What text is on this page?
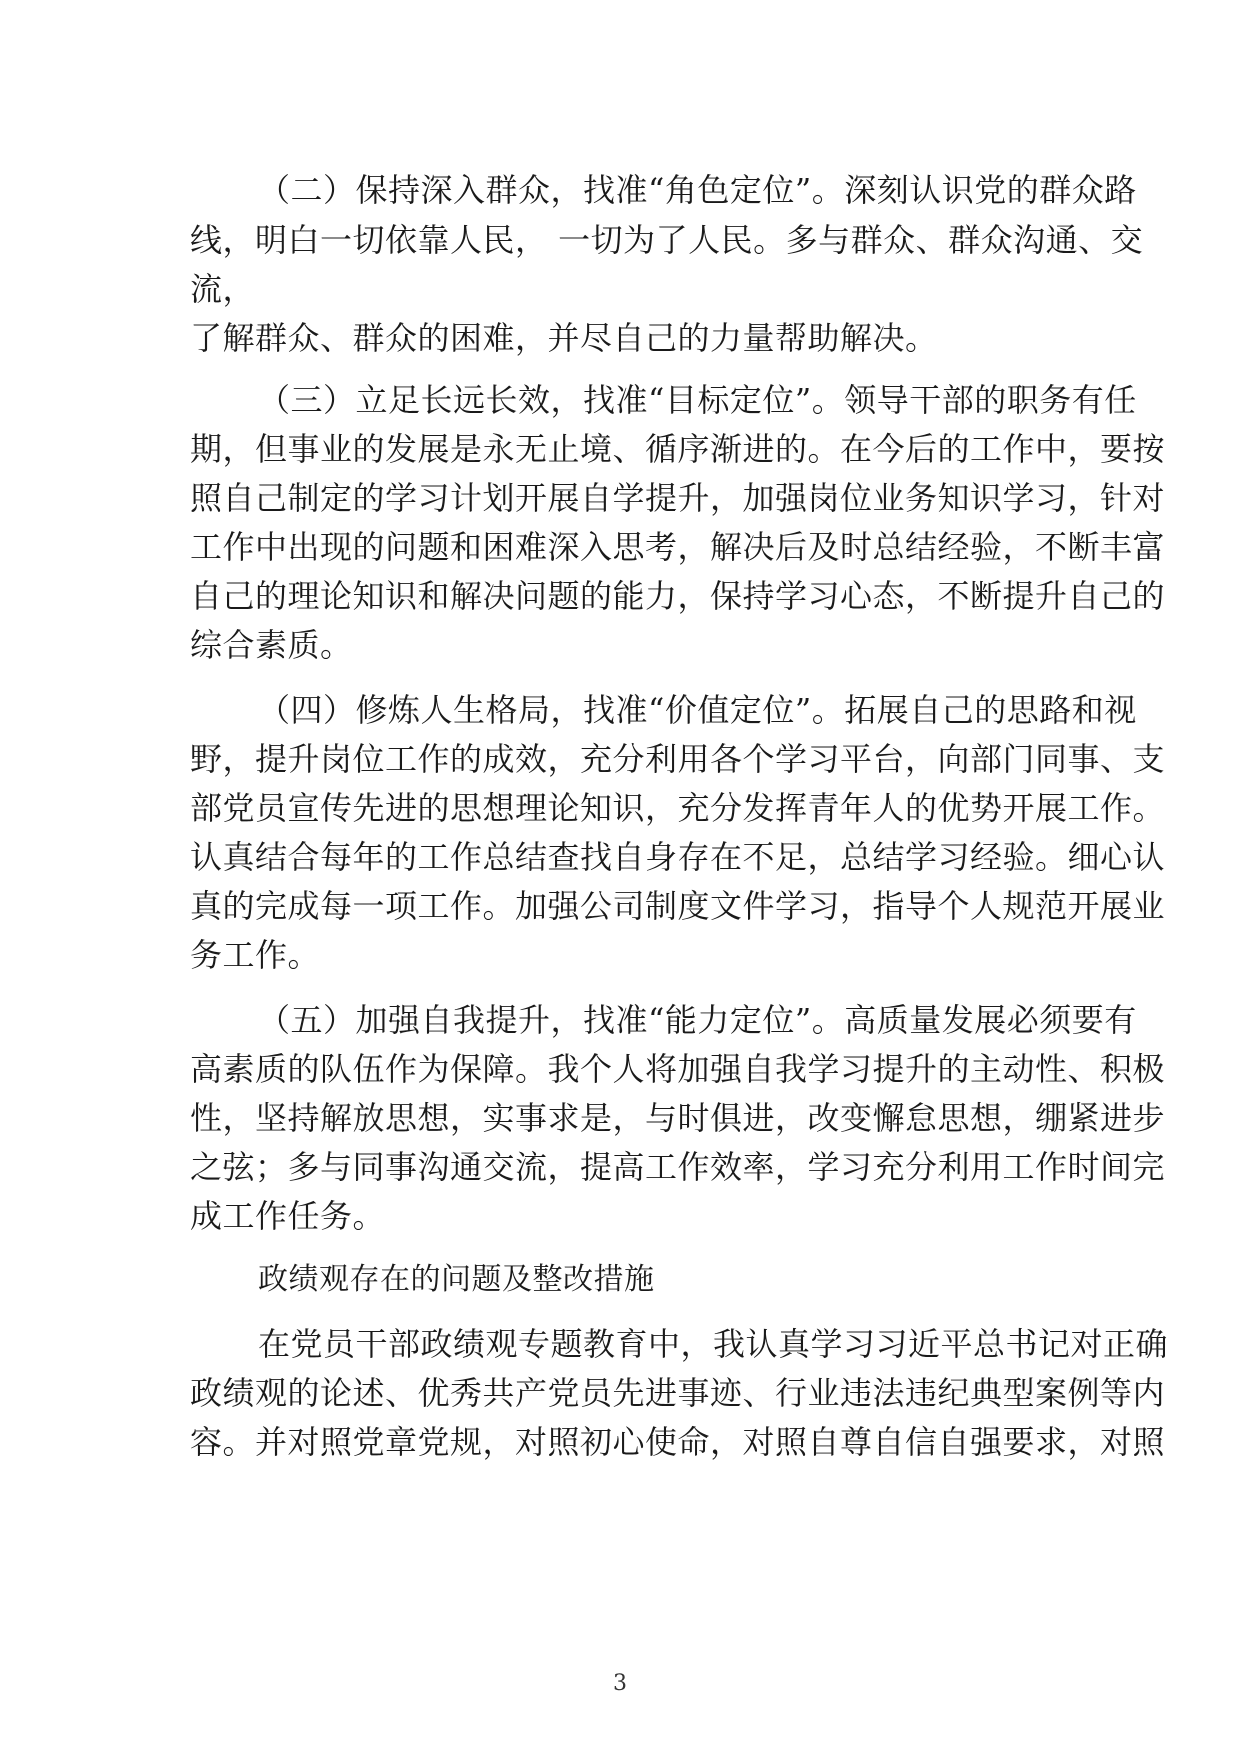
（二）保持深入群众，找准“角色定位”。深刻认识党的群众路
线，明白一切依靠人民， 一切为了人民。多与群众、群众沟通、交
流，
了解群众、群众的困难，并尽自己的力量帮助解决。
（三）立足长远长效，找准“目标定位”。领导干部的职务有任
期，但事业的发展是永无止境、循序渐进的。在今后的工作中，要按
照自己制定的学习计划开展自学提升，加强岗位业务知识学习，针对
工作中出现的问题和困难深入思考，解决后及时总结经验，不断丰富
自己的理论知识和解决问题的能力，保持学习心态，不断提升自己的
综合素质。
（四）修炼人生格局，找准“价值定位”。拓展自己的思路和视
野，提升岗位工作的成效，充分利用各个学习平台，向部门同事、支
部党员宣传先进的思想理论知识，充分发挥青年人的优势开展工作。
认真结合每年的工作总结查找自身存在不足，总结学习经验。细心认
真的完成每一项工作。加强公司制度文件学习，指导个人规范开展业
务工作。
（五）加强自我提升，找准“能力定位”。高质量发展必须要有
高素质的队伍作为保障。我个人将加强自我学习提升的主动性、积极
性，坚持解放思想，实事求是，与时俱进，改变懈怠思想，绷紧进步
之弦；多与同事沟通交流，提高工作效率，学习充分利用工作时间完
成工作任务。
政绩观存在的问题及整改措施
在党员干部政绩观专题教育中，我认真学习习近平总书记对正确
政绩观的论述、优秀共产党员先进事迹、行业违法违纪典型案例等内
容。并对照党章党规，对照初心使命，对照自尊自信自强要求，对照
3
